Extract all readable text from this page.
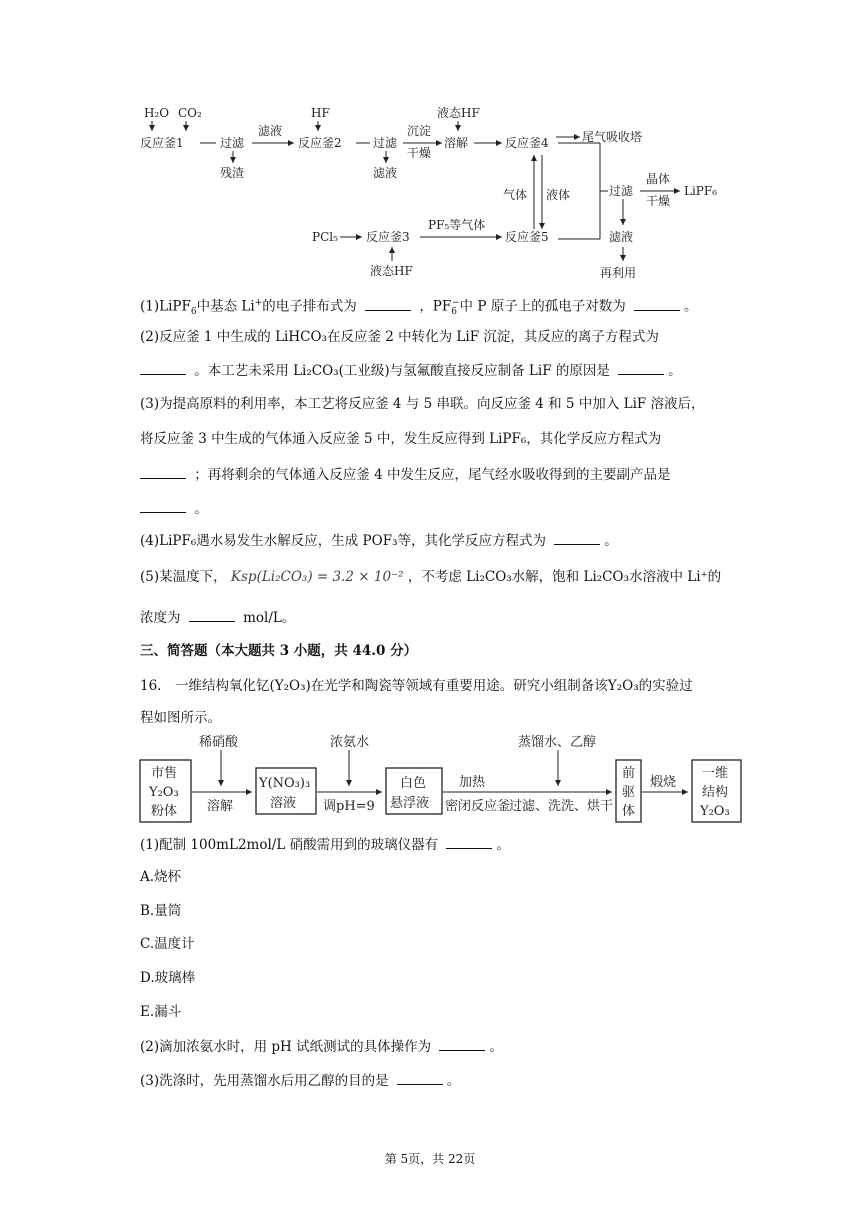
H₂O CO₂
反应釜1	过滤
残渣
滤液
HF
反应釜2	过滤
滤液
沉淀
干燥
液态HF
溶解	反应釜4	尾气吸收塔
气体 液体	过滤
晶体
干燥
LiPF₆
滤液
再利用
PCl₅ 反应釜3
液态HF
PF₅等气体
反应釜5
(1)LiPF$_6$中基态 Li+的电子排布式为	，$PF_6^-$中 P 原子上的孤电子对数为	。
(2)反应釜 1 中生成的 LiHCO₃在反应釜 2 中转化为 LiF 沉淀，其反应的离子方程式为
。本工艺未采用 Li₂CO₃(工业级)与氢氟酸直接反应制备 LiF 的原因是	。
(3)为提高原料的利用率，本工艺将反应釜 4 与 5 串联。向反应釜 4 和 5 中加入 LiF 溶液后，
将反应釜 3 中生成的气体通入反应釜 5 中，发生反应得到 LiPF₆，其化学反应方程式为
；再将剩余的气体通入反应釜 4 中发生反应，尾气经水吸收得到的主要副产品是
。
(4)LiPF₆遇水易发生水解反应，生成 POF₃等，其化学反应方程式为	。
(5)某温度下， Ksp(Li₂CO₃) = 3.2 × 10⁻² ，不考虑 Li₂CO₃水解，饱和 Li₂CO₃水溶液中 Li⁺的
浓度为	mol/L。
三、简答题（本大题共 3 小题，共 44.0 分）
16.　一维结构氧化钇(Y₂O₃)在光学和陶瓷等领域有重要用途。研究小组制备该Y₂O₃的实验过
程如图所示。
市售
Y₂O₃
粉体
稀硝酸
溶解
Y(NO₃)₃
溶液
浓氨水
调pH=9
白色
悬浮液
加热
密闭反应釜
蒸馏水、乙醇
过滤、洗洗、烘干
前
驱
体
煅烧
一维
结构
Y₂O₃
(1)配制 100mL2mol/L 硝酸需用到的玻璃仪器有	。
A.烧杯
B.量筒
C.温度计
D.玻璃棒
E.漏斗
(2)滴加浓氨水时，用 pH 试纸测试的具体操作为	。
(3)洗涤时，先用蒸馏水后用乙醇的目的是	。
第 5页，共 22页
